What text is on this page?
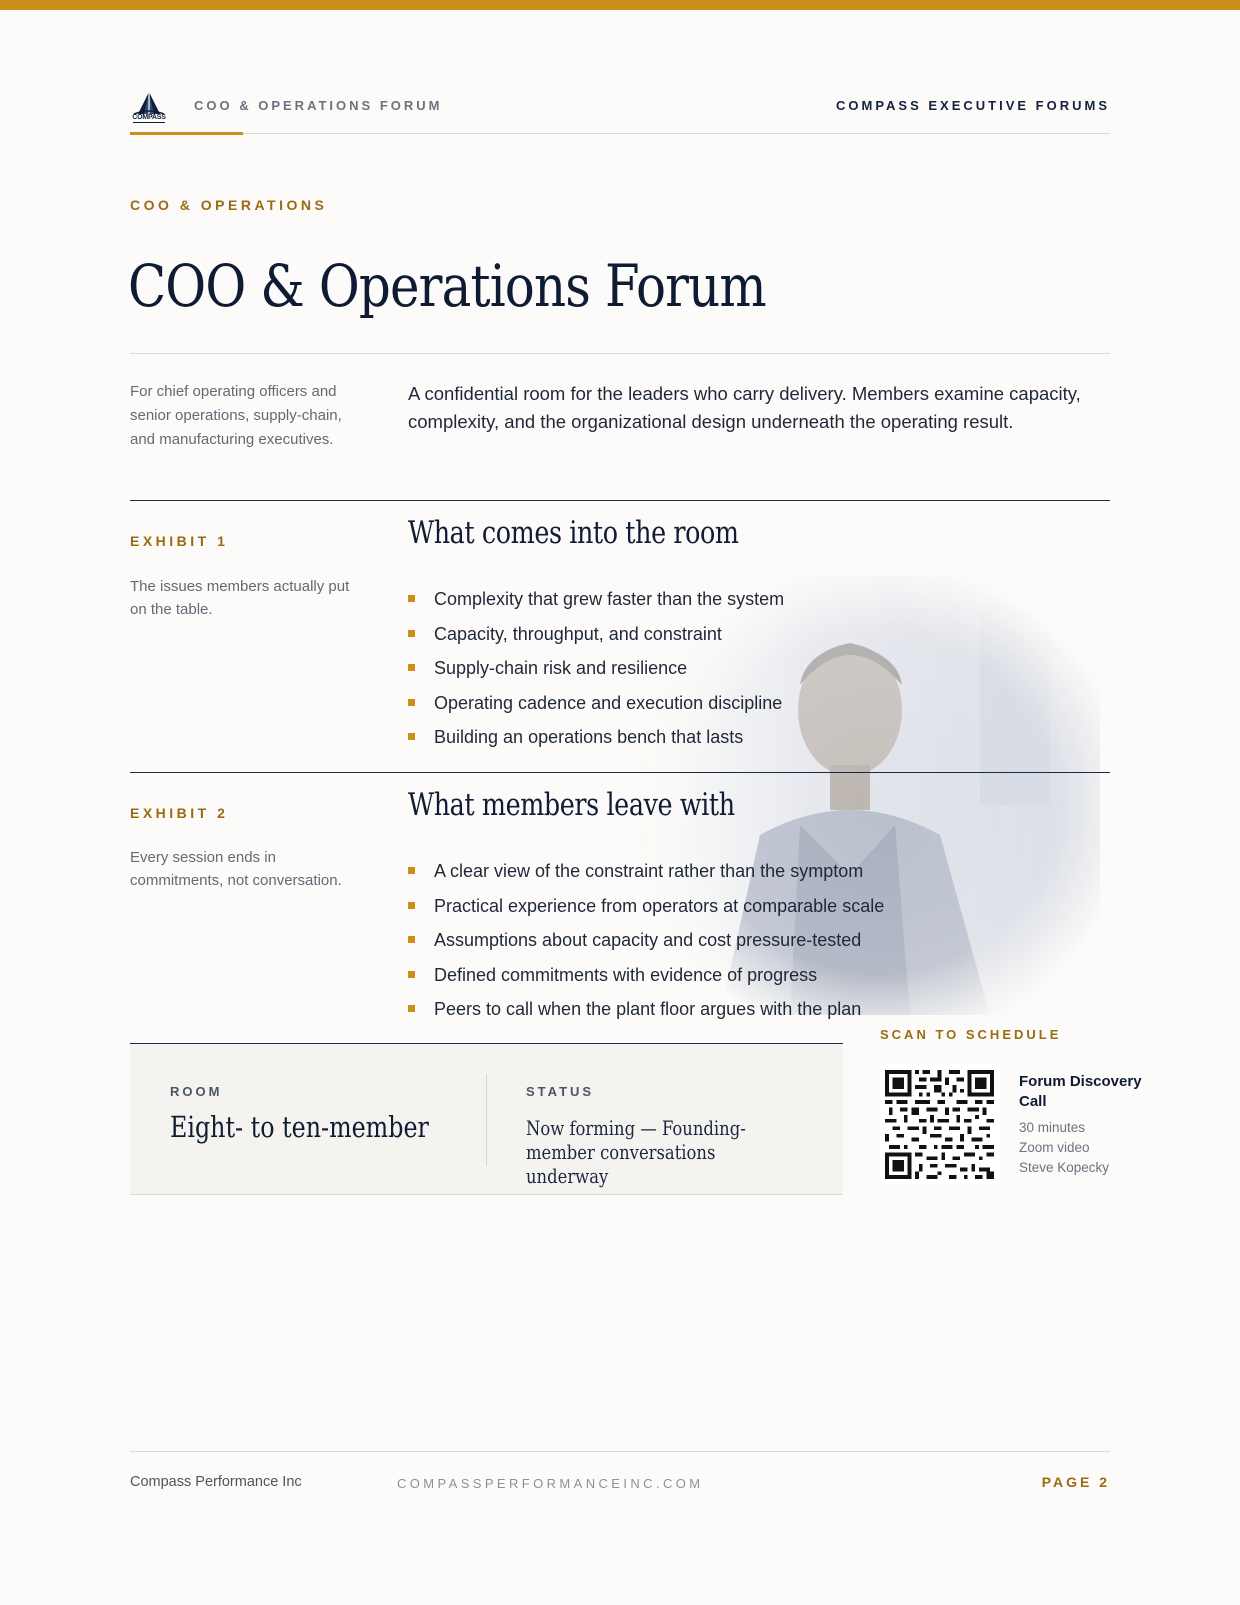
COMPASS
COO & OPERATIONS FORUM	COMPASS EXECUTIVE FORUMS
COO & OPERATIONS
COO & Operations Forum
For chief operating officers and senior operations, supply-chain, and manufacturing executives.
A confidential room for the leaders who carry delivery. Members examine capacity, complexity, and the organizational design underneath the operating result.
EXHIBIT 1
The issues members actually put on the table.
What comes into the room
Complexity that grew faster than the system
Capacity, throughput, and constraint
Supply-chain risk and resilience
Operating cadence and execution discipline
Building an operations bench that lasts
EXHIBIT 2
Every session ends in commitments, not conversation.
What members leave with
A clear view of the constraint rather than the symptom
Practical experience from operators at comparable scale
Assumptions about capacity and cost pressure-tested
Defined commitments with evidence of progress
Peers to call when the plant floor argues with the plan
ROOM
Eight- to ten-member
STATUS
Now forming — Founding-member conversations underway
SCAN TO SCHEDULE
Forum Discovery Call
30 minutes
Zoom video
Steve Kopecky
Compass Performance Inc	COMPASSPERFORMANCEINC.COM	PAGE 2
